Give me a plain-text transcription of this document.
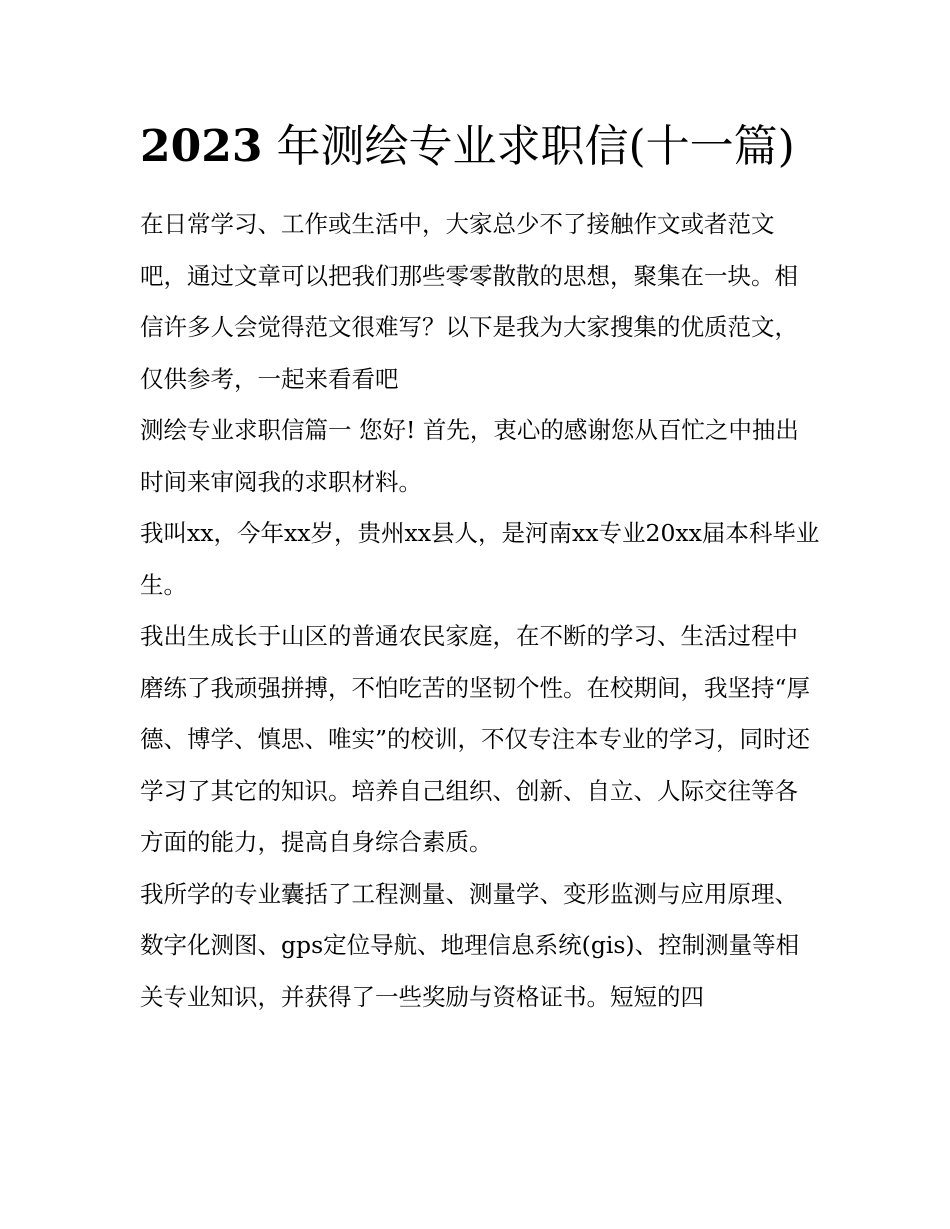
2023 年测绘专业求职信(十一篇)

在日常学习、工作或生活中，大家总少不了接触作文或者范文吧，通过文章可以把我们那些零零散散的思想，聚集在一块。相信许多人会觉得范文很难写？以下是我为大家搜集的优质范文，仅供参考，一起来看看吧

测绘专业求职信篇一 您好! 首先，衷心的感谢您从百忙之中抽出时间来审阅我的求职材料。

我叫xx，今年xx岁，贵州xx县人，是河南xx专业20xx届本科毕业生。

我出生成长于山区的普通农民家庭，在不断的学习、生活过程中磨练了我顽强拼搏，不怕吃苦的坚韧个性。在校期间，我坚持“厚德、博学、慎思、唯实”的校训，不仅专注本专业的学习，同时还学习了其它的知识。培养自己组织、创新、自立、人际交往等各方面的能力，提高自身综合素质。

我所学的专业囊括了工程测量、测量学、变形监测与应用原理、数字化测图、gps定位导航、地理信息系统(gis)、控制测量等相关专业知识，并获得了一些奖励与资格证书。短短的四
